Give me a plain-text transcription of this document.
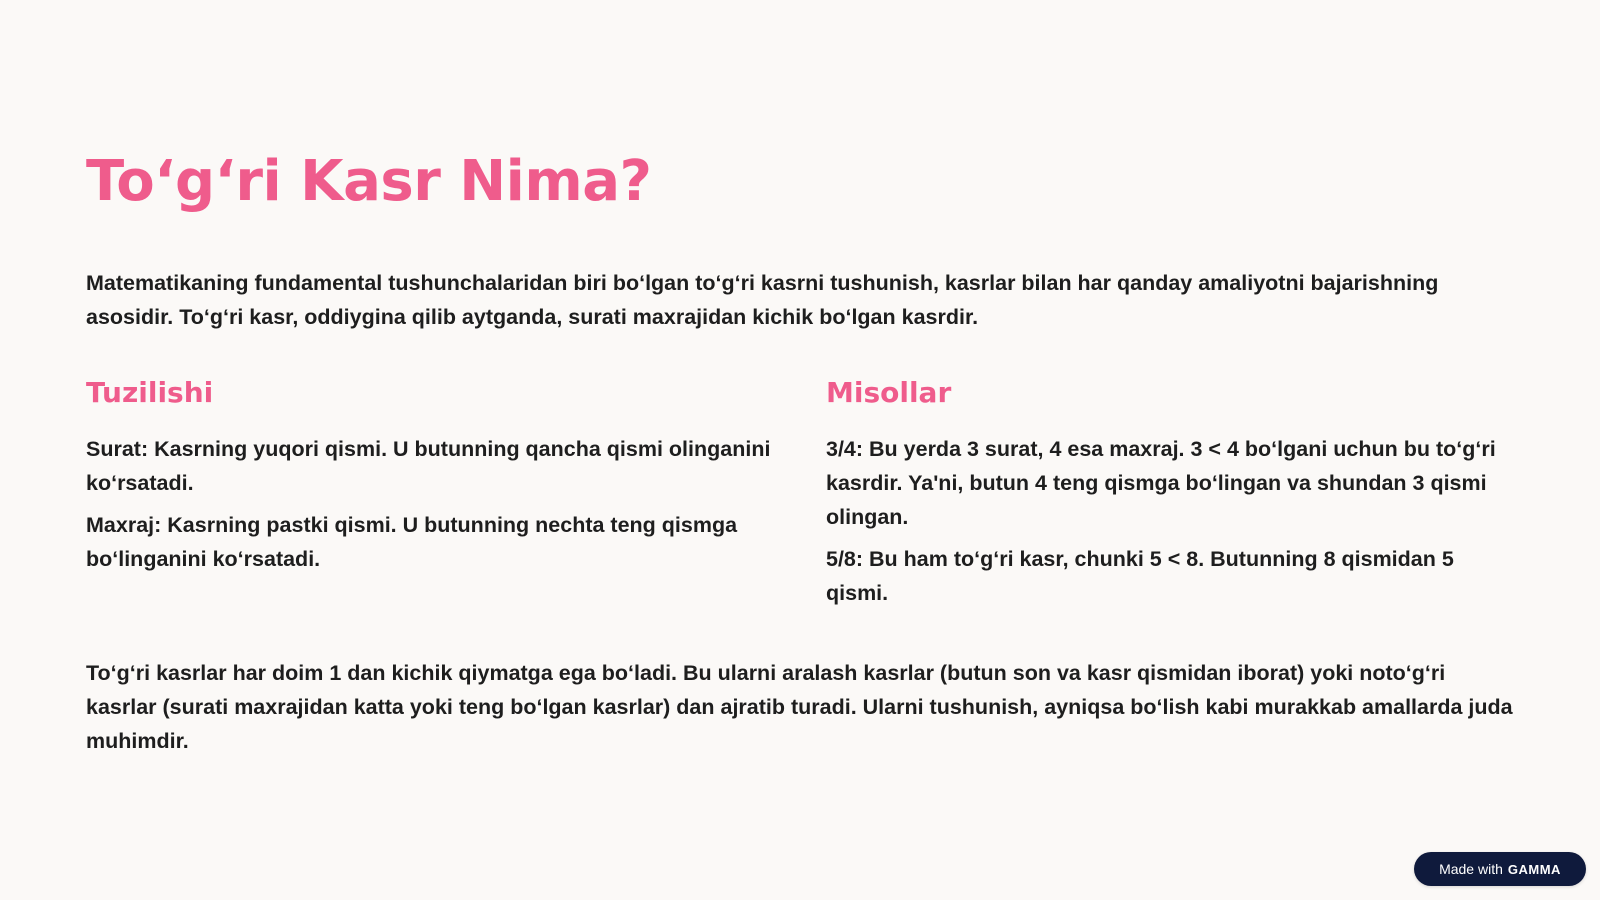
To‘g‘ri Kasr Nima?
Matematikaning fundamental tushunchalaridan biri bo‘lgan to‘g‘ri kasrni tushunish, kasrlar bilan har qanday amaliyotni bajarishning asosidir. To‘g‘ri kasr, oddiygina qilib aytganda, surati maxrajidan kichik bo‘lgan kasrdir.
Tuzilishi

Surat: Kasrning yuqori qismi. U butunning qancha qismi olinganini ko‘rsatadi.

Maxraj: Kasrning pastki qismi. U butunning nechta teng qismga bo‘linganini ko‘rsatadi.

Misollar

3/4: Bu yerda 3 surat, 4 esa maxraj. 3 < 4 bo‘lgani uchun bu to‘g‘ri kasrdir. Ya'ni, butun 4 teng qismga bo‘lingan va shundan 3 qismi olingan.

5/8: Bu ham to‘g‘ri kasr, chunki 5 < 8. Butunning 8 qismidan 5 qismi.

To‘g‘ri kasrlar har doim 1 dan kichik qiymatga ega bo‘ladi. Bu ularni aralash kasrlar (butun son va kasr qismidan iborat) yoki noto‘g‘ri kasrlar (surati maxrajidan katta yoki teng bo‘lgan kasrlar) dan ajratib turadi. Ularni tushunish, ayniqsa bo‘lish kabi murakkab amallarda juda muhimdir.
Made with GAMMA
